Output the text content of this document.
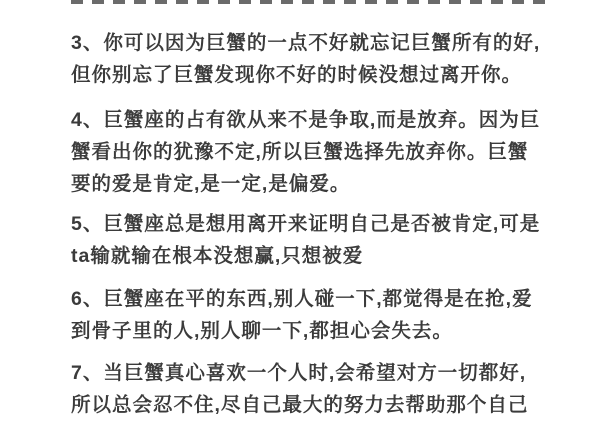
3、你可以因为巨蟹的一点不好就忘记巨蟹所有的好,
但你别忘了巨蟹发现你不好的时候没想过离开你。
4、巨蟹座的占有欲从来不是争取,而是放弃。因为巨
蟹看出你的犹豫不定,所以巨蟹选择先放弃你。巨蟹
要的爱是肯定,是一定,是偏爱。
5、巨蟹座总是想用离开来证明自己是否被肯定,可是
ta输就输在根本没想赢,只想被爱
6、巨蟹座在平的东西,别人碰一下,都觉得是在抢,爱
到骨子里的人,别人聊一下,都担心会失去。
7、当巨蟹真心喜欢一个人时,会希望对方一切都好,
所以总会忍不住,尽自己最大的努力去帮助那个自己
